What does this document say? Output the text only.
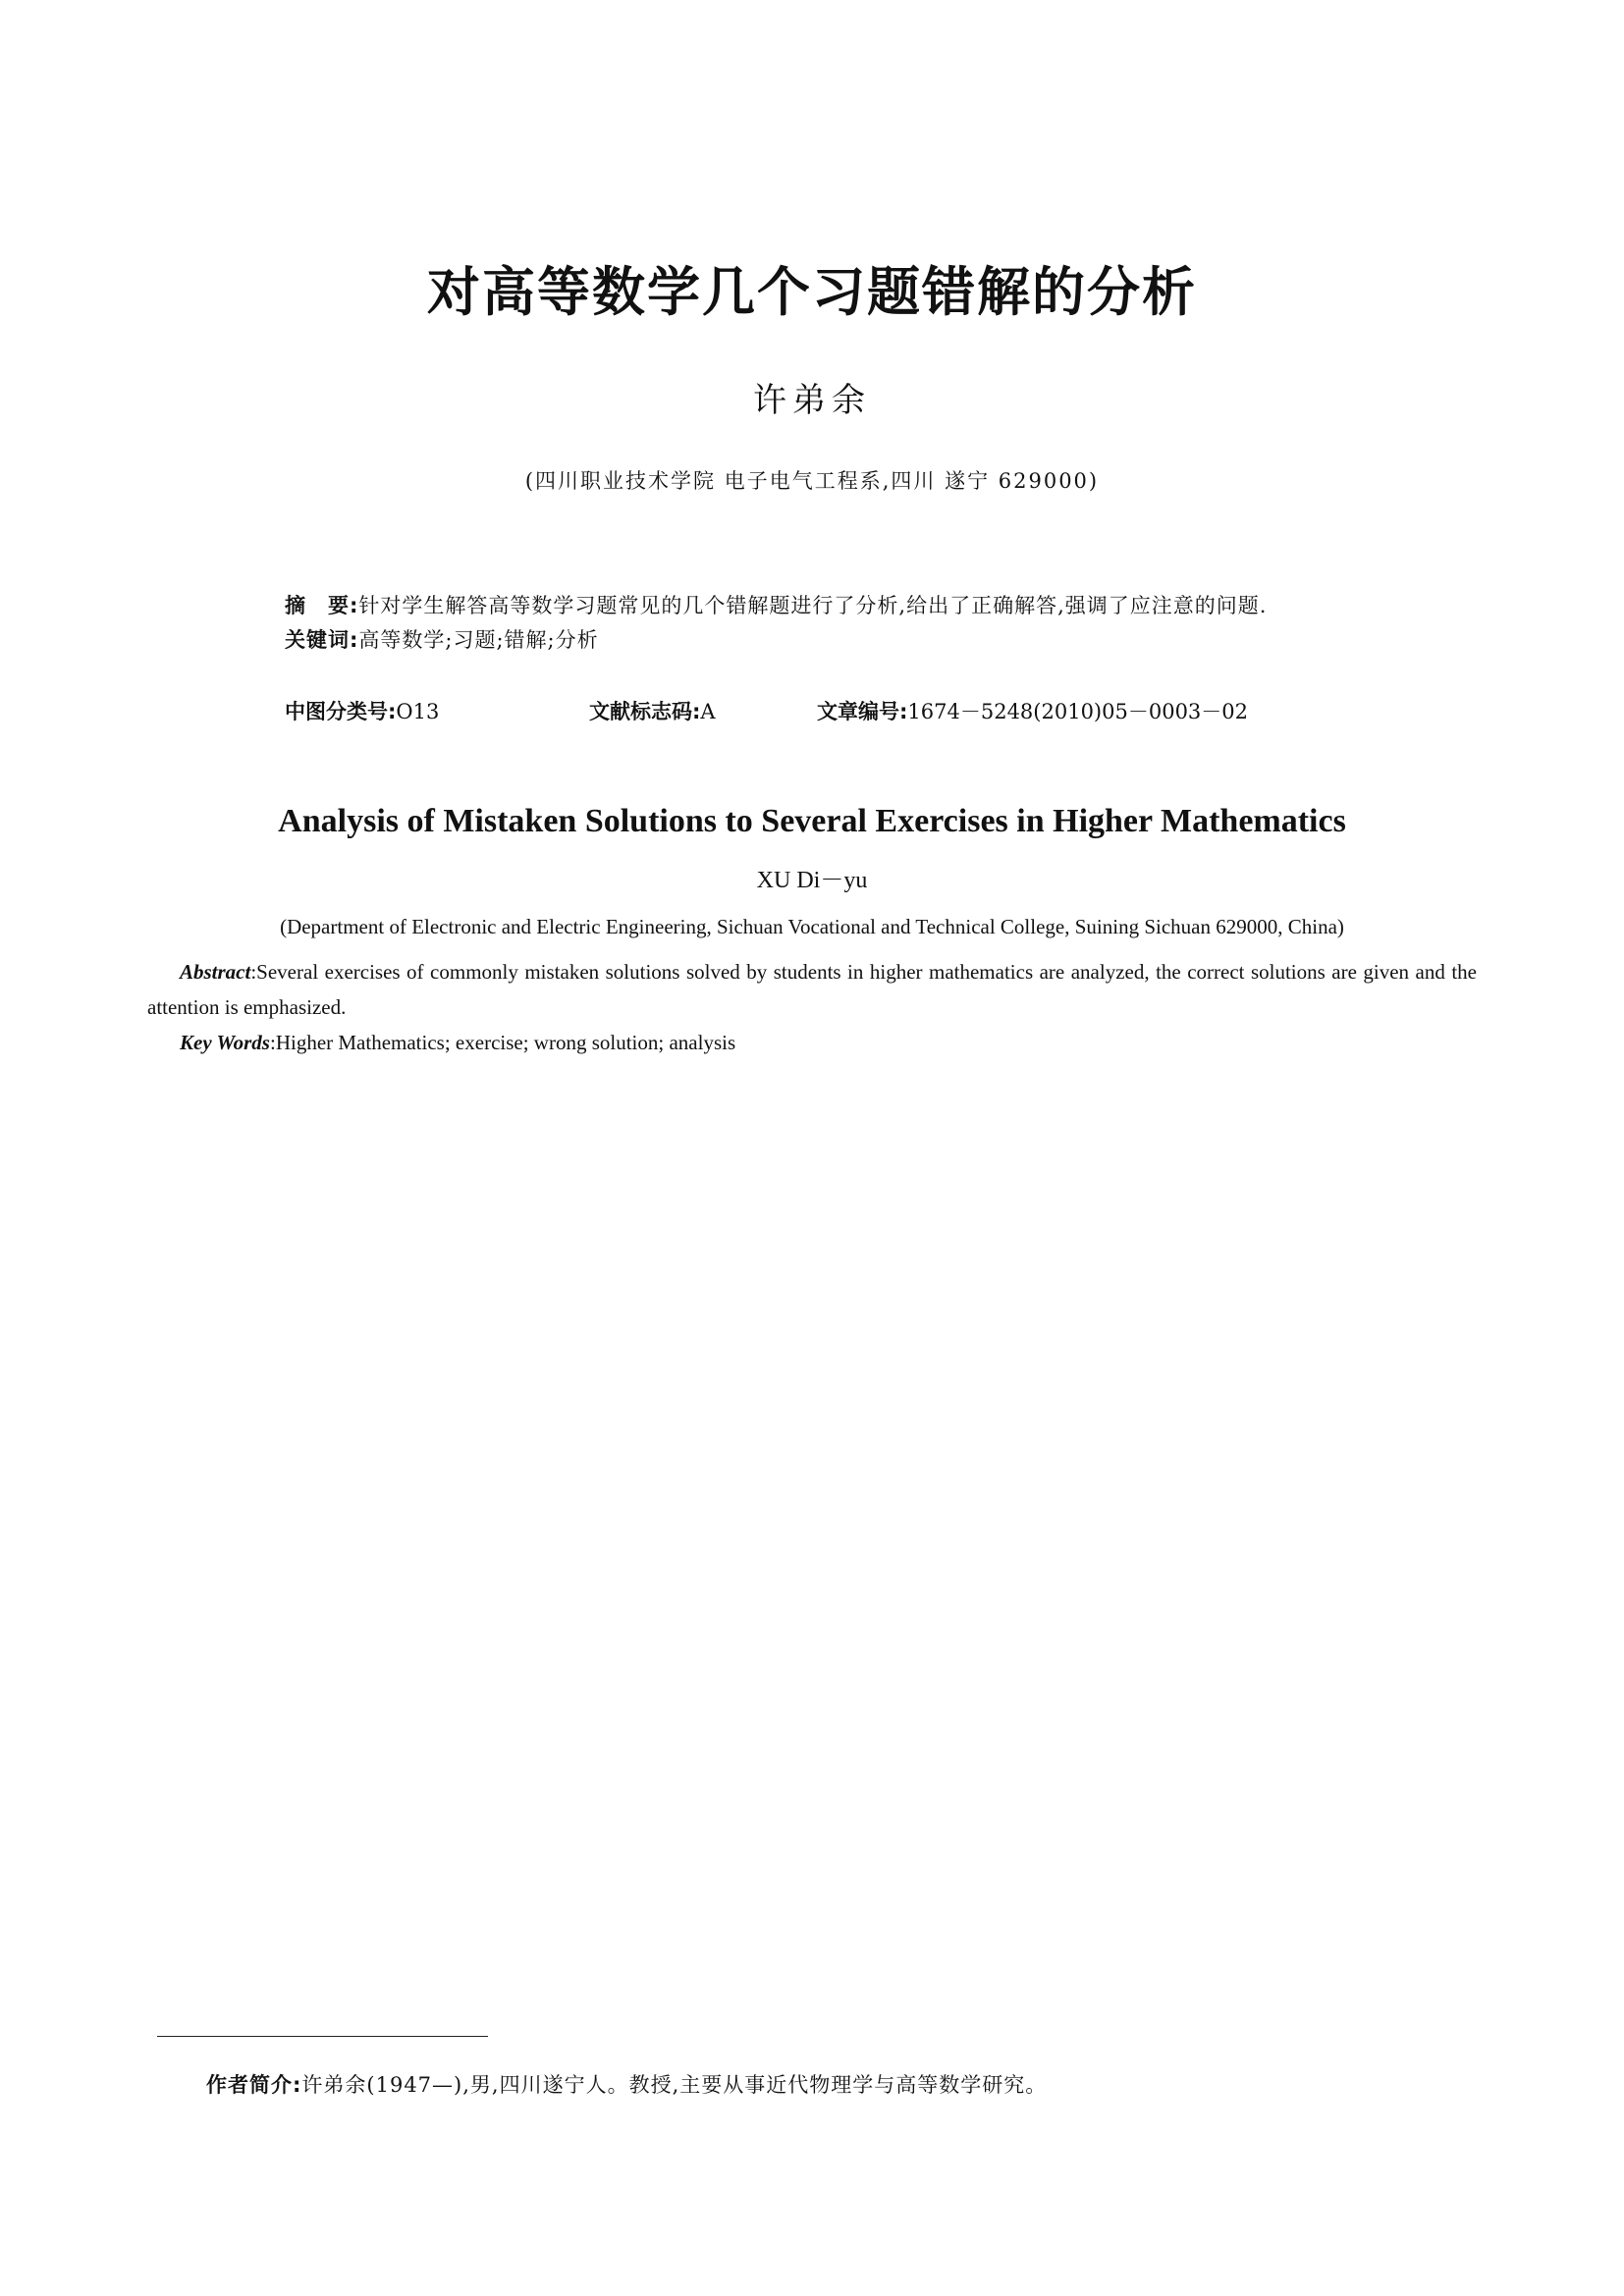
对高等数学几个习题错解的分析
许弟余
(四川职业技术学院 电子电气工程系,四川 遂宁 629000)
摘　要:针对学生解答高等数学习题常见的几个错解题进行了分析,给出了正确解答,强调了应注意的问题.
关键词:高等数学;习题;错解;分析
中图分类号:O13	文献标志码:A	文章编号:1674－5248(2010)05－0003－02
Analysis of Mistaken Solutions to Several Exercises in Higher Mathematics
XU Di－yu
(Department of Electronic and Electric Engineering, Sichuan Vocational and Technical College, Suining Sichuan 629000, China)
Abstract:Several exercises of commonly mistaken solutions solved by students in higher mathematics are analyzed, the correct solutions are given and the attention is emphasized.
Key Words:Higher Mathematics; exercise; wrong solution; analysis
作者简介:许弟余(1947—),男,四川遂宁人。教授,主要从事近代物理学与高等数学研究。
